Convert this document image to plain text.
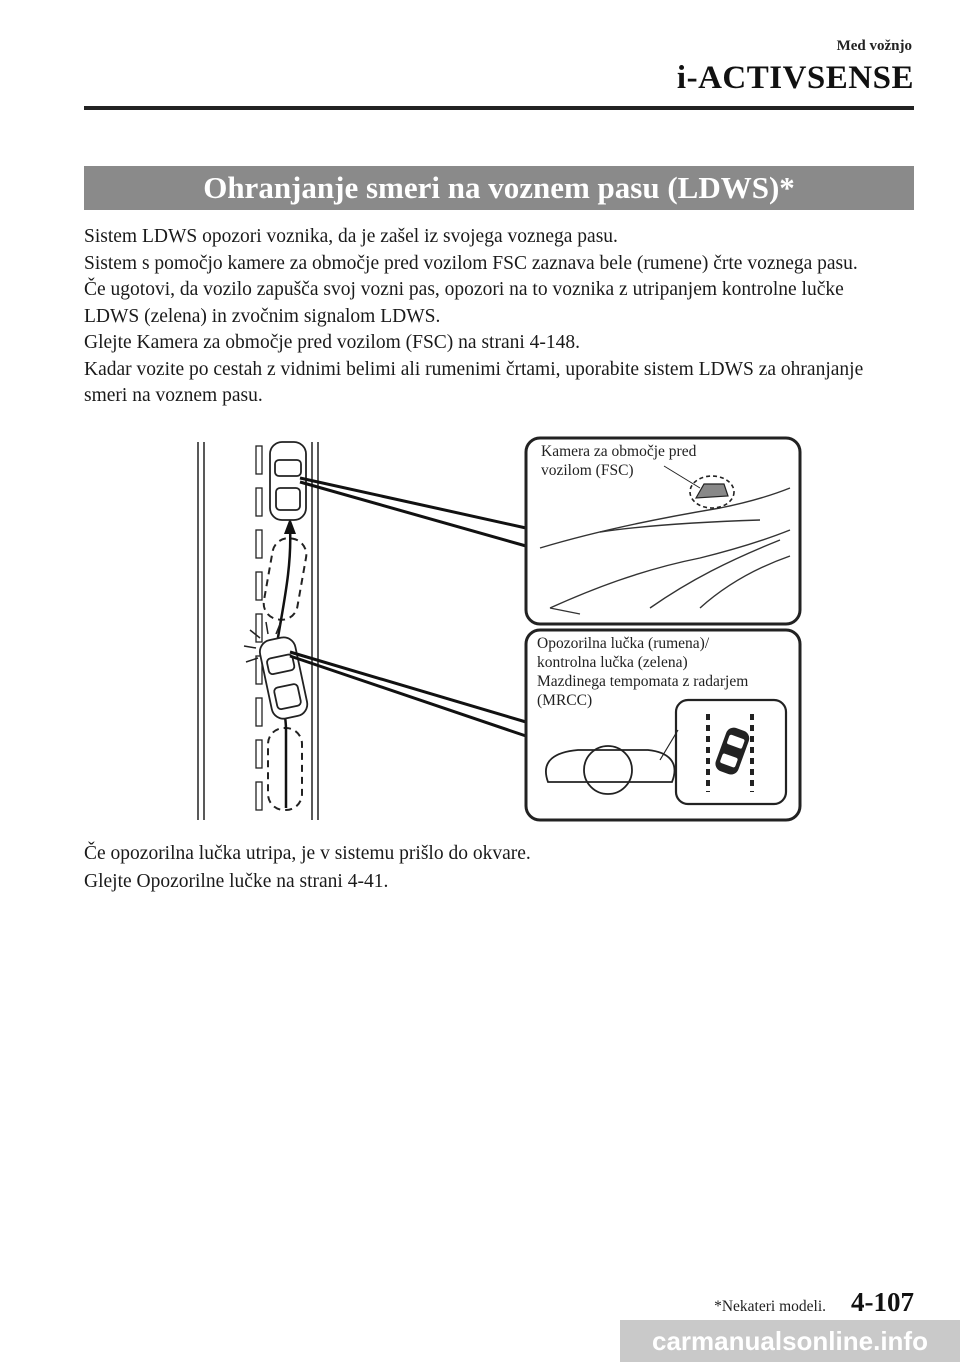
Med vožnjo
i-ACTIVSENSE
Ohranjanje smeri na voznem pasu (LDWS)*

Sistem LDWS opozori voznika, da je zašel iz svojega voznega pasu.

Sistem s pomočjo kamere za območje pred vozilom FSC zaznava bele (rumene) črte voznega pasu. Če ugotovi, da vozilo zapušča svoj vozni pas, opozori na to voznika z utripanjem kontrolne lučke LDWS (zelena) in zvočnim signalom LDWS.

Glejte Kamera za območje pred vozilom (FSC) na strani 4-148.

Kadar vozite po cestah z vidnimi belimi ali rumenimi črtami, uporabite sistem LDWS za ohranjanje smeri na voznem pasu.

Kamera za območje pred
vozilom (FSC)
Opozorilna lučka (rumena)/
kontrolna lučka (zelena)
Mazdinega tempomata z radarjem
(MRCC)

Če opozorilna lučka utripa, je v sistemu prišlo do okvare.

Glejte Opozorilne lučke na strani 4-41.

*Nekateri modeli. 4-107
carmanualsonline.info
